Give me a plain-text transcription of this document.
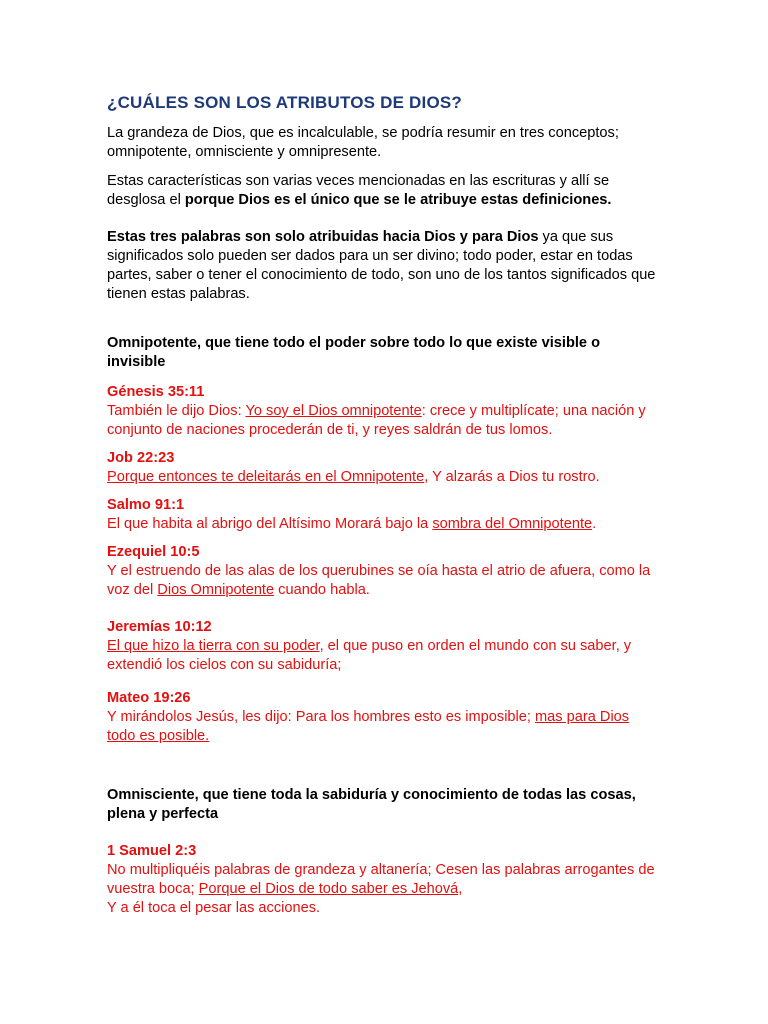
¿CUÁLES SON LOS ATRIBUTOS DE DIOS?

La grandeza de Dios, que es incalculable, se podría resumir en tres conceptos; omnipotente, omnisciente y omnipresente.

Estas características son varias veces mencionadas en las escrituras y allí se desglosa el porque Dios es el único que se le atribuye estas definiciones.

Estas tres palabras son solo atribuidas hacia Dios y para Dios ya que sus significados solo pueden ser dados para un ser divino; todo poder, estar en todas partes, saber o tener el conocimiento de todo, son uno de los tantos significados que tienen estas palabras.

Omnipotente, que tiene todo el poder sobre todo lo que existe visible o invisible

Génesis 35:11
También le dijo Dios: Yo soy el Dios omnipotente: crece y multiplícate; una nación y conjunto de naciones procederán de ti, y reyes saldrán de tus lomos.
Job 22:23
Porque entonces te deleitarás en el Omnipotente, Y alzarás a Dios tu rostro.
Salmo 91:1
El que habita al abrigo del Altísimo Morará bajo la sombra del Omnipotente.
Ezequiel 10:5
Y el estruendo de las alas de los querubines se oía hasta el atrio de afuera, como la voz del Dios Omnipotente cuando habla.
Jeremías 10:12
El que hizo la tierra con su poder, el que puso en orden el mundo con su saber, y extendió los cielos con su sabiduría;
Mateo 19:26
Y mirándolos Jesús, les dijo: Para los hombres esto es imposible; mas para Dios todo es posible.

Omnisciente, que tiene toda la sabiduría y conocimiento de todas las cosas, plena y perfecta

1 Samuel 2:3
No multipliquéis palabras de grandeza y altanería; Cesen las palabras arrogantes de vuestra boca; Porque el Dios de todo saber es Jehová,
Y a él toca el pesar las acciones.
